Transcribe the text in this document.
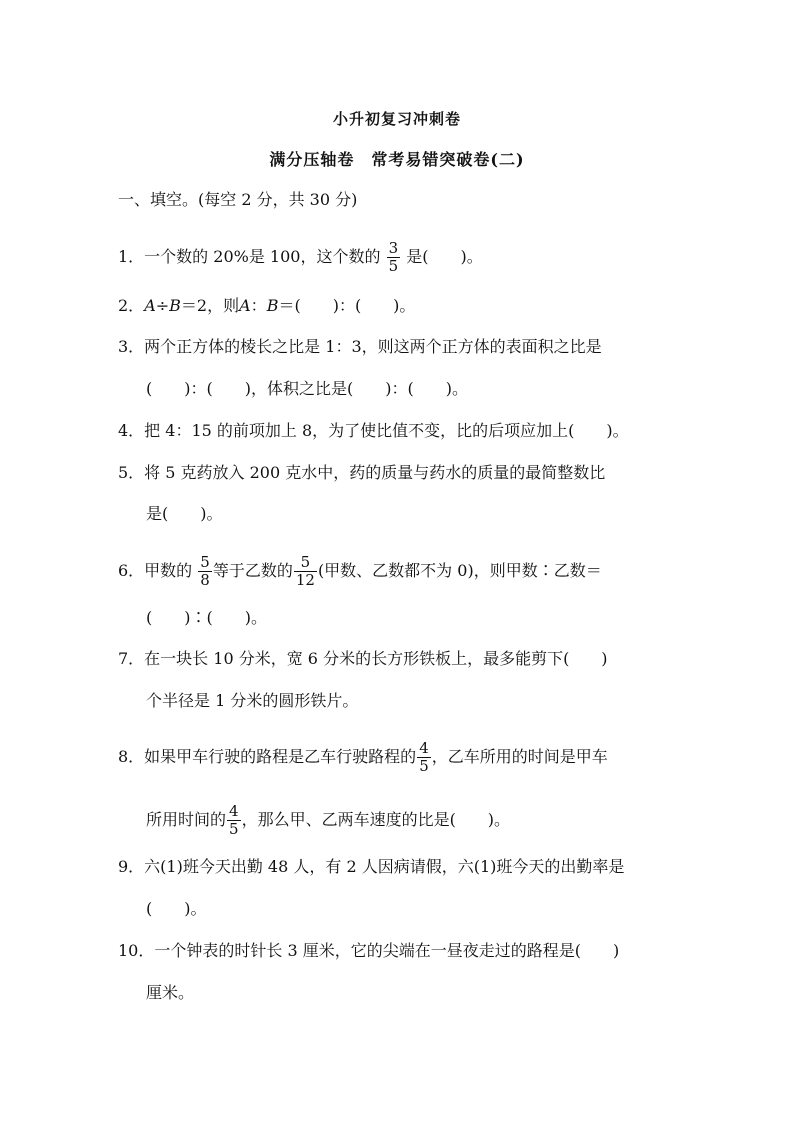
小升初复习冲刺卷
满分压轴卷　常考易错突破卷(二)
一、填空。(每空 2 分，共 30 分)
1．一个数的 20%是 100，这个数的 $\frac{3}{5}$ 是(　　)。
2．A÷B＝2，则A：B＝(　　)：(　　)。
3．两个正方体的棱长之比是 1：3，则这两个正方体的表面积之比是
(　　)：(　　)，体积之比是(　　)：(　　)。
4．把 4：15 的前项加上 8，为了使比值不变，比的后项应加上(　　)。
5．将 5 克药放入 200 克水中，药的质量与药水的质量的最简整数比
是(　　)。
6．甲数的 $\frac{5}{8}$ 等于乙数的 $\frac{5}{12}$ (甲数、乙数都不为 0)，则甲数∶乙数＝
(　　)∶(　　)。
7．在一块长 10 分米，宽 6 分米的长方形铁板上，最多能剪下(　　)
个半径是 1 分米的圆形铁片。
8．如果甲车行驶的路程是乙车行驶路程的 $\frac{4}{5}$ ，乙车所用的时间是甲车
所用时间的 $\frac{4}{5}$ ，那么甲、乙两车速度的比是(　　)。
9．六(1)班今天出勤 48 人，有 2 人因病请假，六(1)班今天的出勤率是
(　　)。
10．一个钟表的时针长 3 厘米，它的尖端在一昼夜走过的路程是(　　)
厘米。
